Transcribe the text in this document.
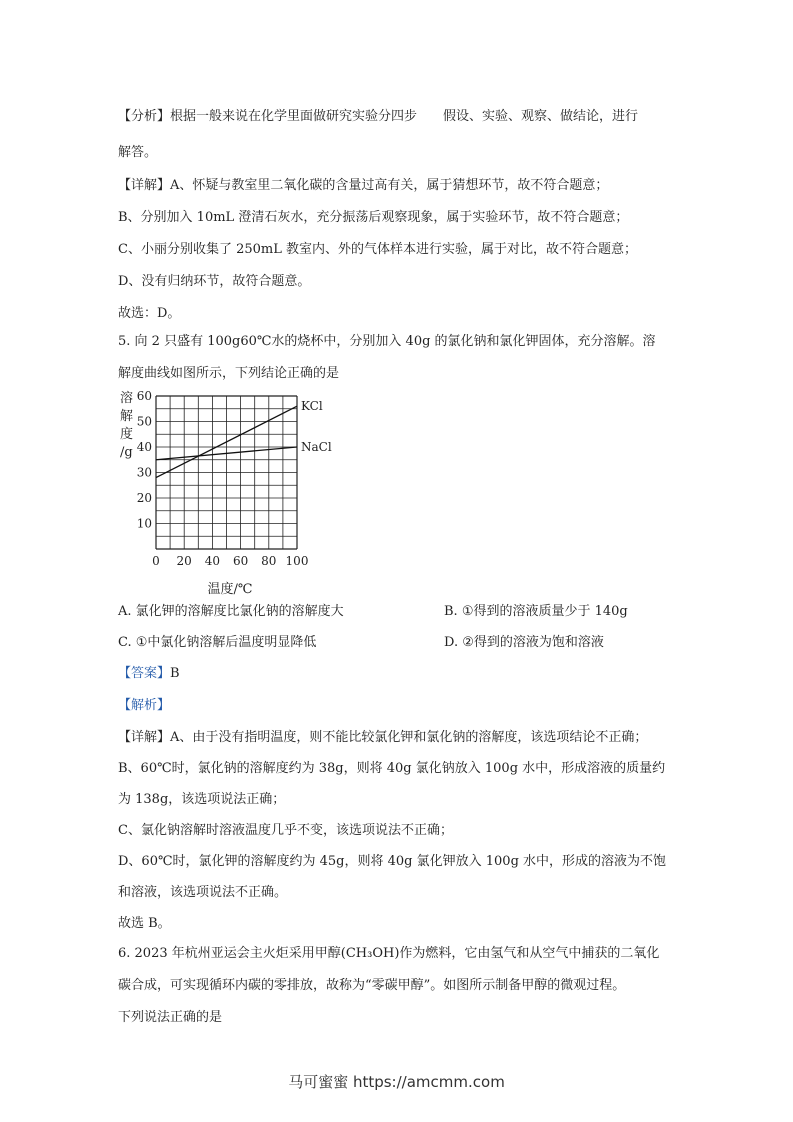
【分析】根据一般来说在化学里面做研究实验分四步　　假设、实验、观察、做结论，进行
解答。
【详解】A、怀疑与教室里二氧化碳的含量过高有关，属于猜想环节，故不符合题意；
B、分别加入 10mL 澄清石灰水，充分振荡后观察现象，属于实验环节，故不符合题意；
C、小丽分别收集了 250mL 教室内、外的气体样本进行实验，属于对比，故不符合题意；
D、没有归纳环节，故符合题意。
故选：D。
5. 向 2 只盛有 100g60℃水的烧杯中，分别加入 40g 的氯化钠和氯化钾固体，充分溶解。溶
解度曲线如图所示，下列结论正确的是
KCl
NaCl
10
20
30
40
50
60
0 20 40 60 80 100
溶解度/g
温度/℃
A. 氯化钾的溶解度比氯化钠的溶解度大	B. ①得到的溶液质量少于 140g
C. ①中氯化钠溶解后温度明显降低	D. ②得到的溶液为饱和溶液
【答案】B
【解析】
【详解】A、由于没有指明温度，则不能比较氯化钾和氯化钠的溶解度，该选项结论不正确；
B、60℃时，氯化钠的溶解度约为 38g，则将 40g 氯化钠放入 100g 水中，形成溶液的质量约
为 138g，该选项说法正确；
C、氯化钠溶解时溶液温度几乎不变，该选项说法不正确；
D、60℃时，氯化钾的溶解度约为 45g，则将 40g 氯化钾放入 100g 水中，形成的溶液为不饱
和溶液，该选项说法不正确。
故选 B。
6. 2023 年杭州亚运会主火炬采用甲醇(CH₃OH)作为燃料，它由氢气和从空气中捕获的二氧化
碳合成，可实现循环内碳的零排放，故称为“零碳甲醇”。如图所示制备甲醇的微观过程。
下列说法正确的是
马可蜜蜜 https://amcmm.com
